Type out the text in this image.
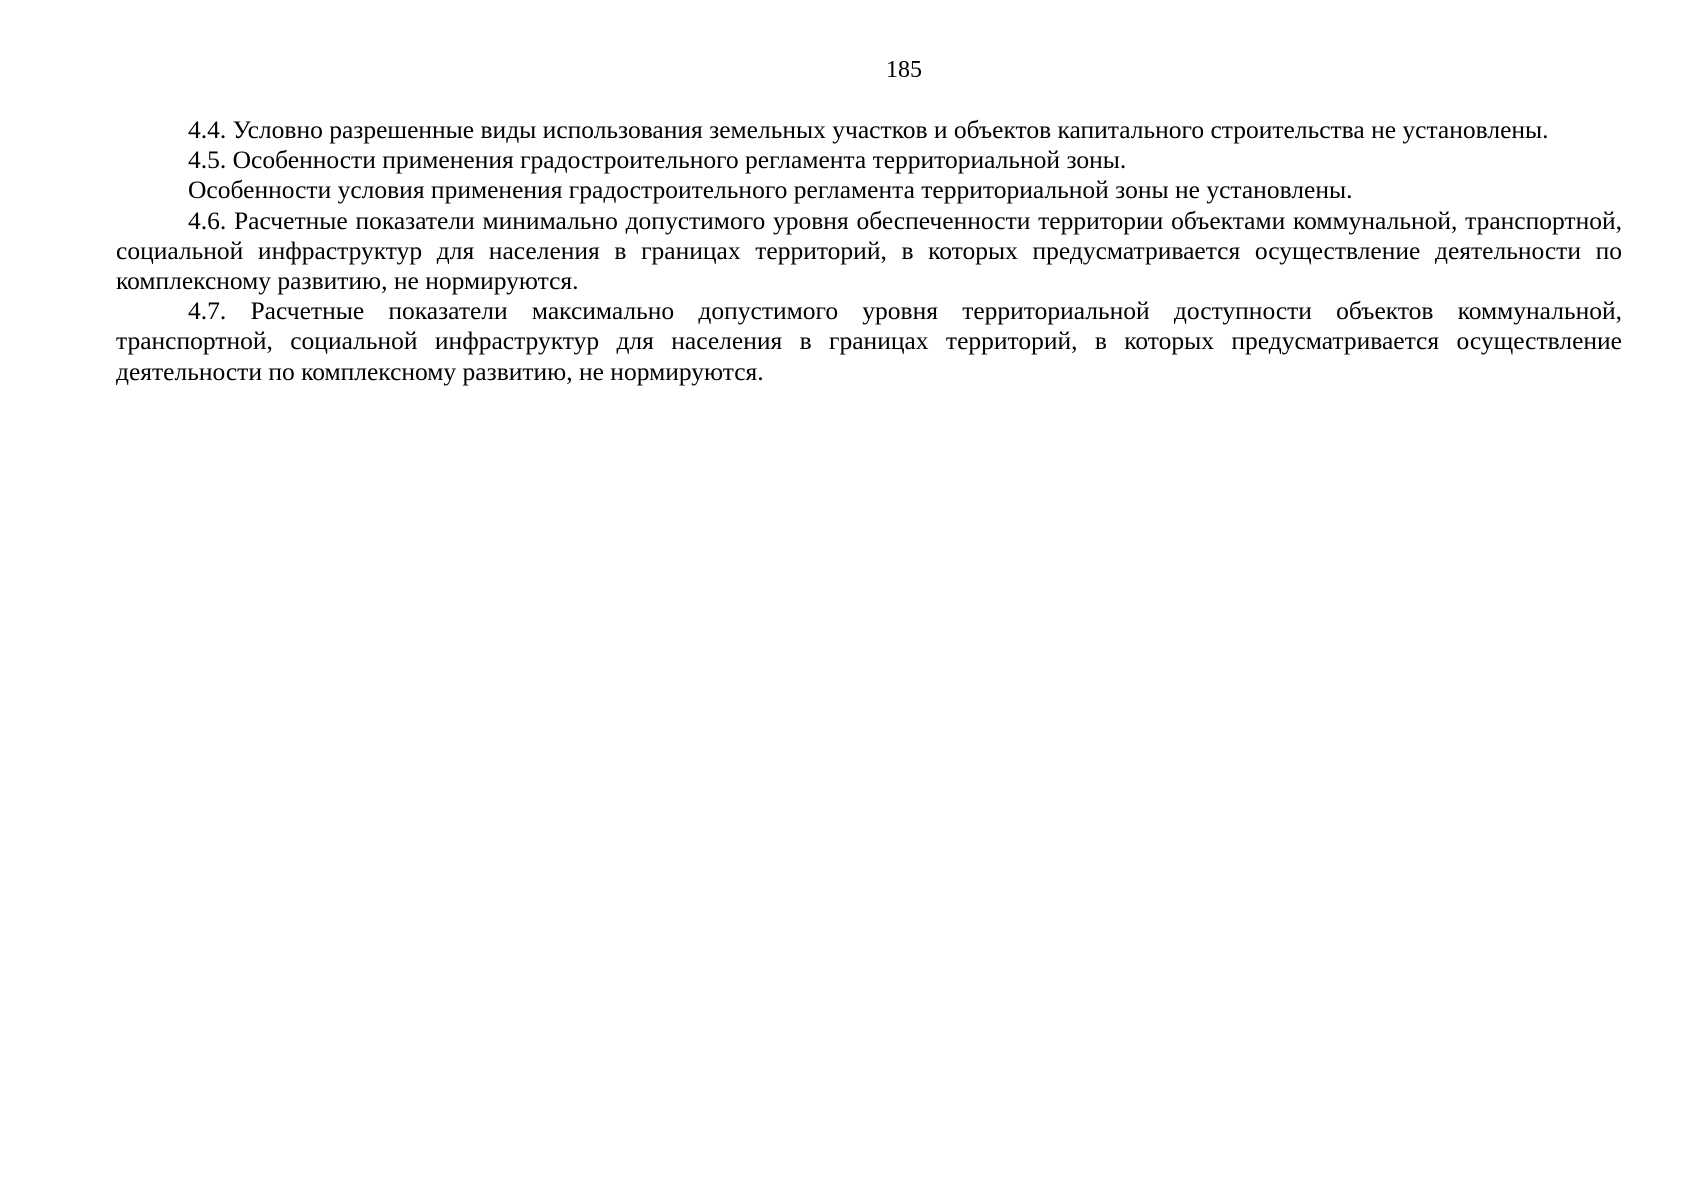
185

4.4. Условно разрешенные виды использования земельных участков и объектов капитального строительства не установлены.

4.5. Особенности применения градостроительного регламента территориальной зоны.

Особенности условия применения градостроительного регламента территориальной зоны не установлены.

4.6. Расчетные показатели минимально допустимого уровня обеспеченности территории объектами коммунальной, транспортной, социальной инфраструктур для населения в границах территорий, в которых предусматривается осуществление деятельности по комплексному развитию, не нормируются.

4.7. Расчетные показатели максимально допустимого уровня территориальной доступности объектов коммунальной, транспортной, социальной инфраструктур для населения в границах территорий, в которых предусматривается осуществление деятельности по комплексному развитию, не нормируются.
